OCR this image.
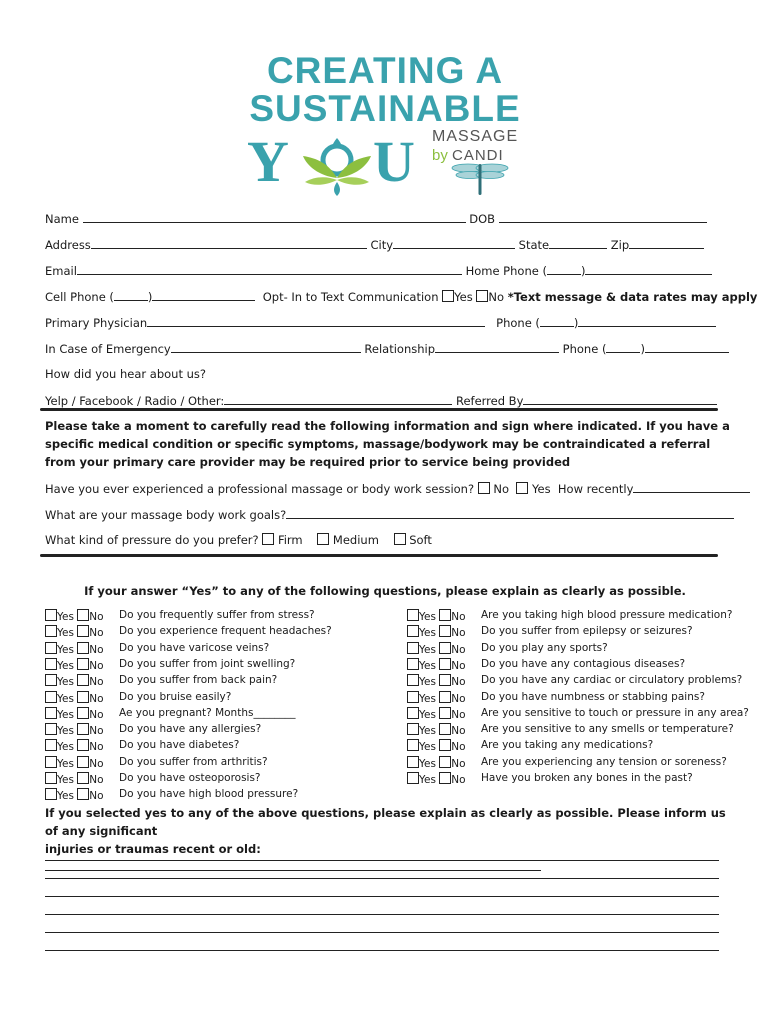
CREATING A
SUSTAINABLE
Y U MASSAGE
by CANDI
Name	DOB
Address	City	State	Zip
Email	Home Phone (	)
Cell Phone (	)	Opt- In to Text Communication Yes No *Text message & data rates may apply
Primary Physician	Phone (	)
In Case of Emergency	Relationship	Phone (	)
How did you hear about us?
Yelp / Facebook / Radio / Other:	Referred By
Please take a moment to carefully read the following information and sign where indicated. If you have a specific medical condition or specific symptoms, massage/bodywork may be contraindicated a referral from your primary care provider may be required prior to service being provided
Have you ever experienced a professional massage or body work session? No Yes How recently
What are your massage body work goals?
What kind of pressure do you prefer? Firm	Medium	Soft
If your answer “Yes” to any of the following questions, please explain as clearly as possible.
Yes No Do you frequently suffer from stress?
Yes No Do you experience frequent headaches?
Yes No Do you have varicose veins?
Yes No Do you suffer from joint swelling?
Yes No Do you suffer from back pain?
Yes No Do you bruise easily?
Yes No Ae you pregnant? Months________
Yes No Do you have any allergies?
Yes No Do you have diabetes?
Yes No Do you suffer from arthritis?
Yes No Do you have osteoporosis?
Yes No Do you have high blood pressure?
Yes No Are you taking high blood pressure medication?
Yes No Do you suffer from epilepsy or seizures?
Yes No Do you play any sports?
Yes No Do you have any contagious diseases?
Yes No Do you have any cardiac or circulatory problems?
Yes No Do you have numbness or stabbing pains?
Yes No Are you sensitive to touch or pressure in any area?
Yes No Are you sensitive to any smells or temperature?
Yes No Are you taking any medications?
Yes No Are you experiencing any tension or soreness?
Yes No Have you broken any bones in the past?
If you selected yes to any of the above questions, please explain as clearly as possible. Please inform us of any significant
injuries or traumas recent or old:
